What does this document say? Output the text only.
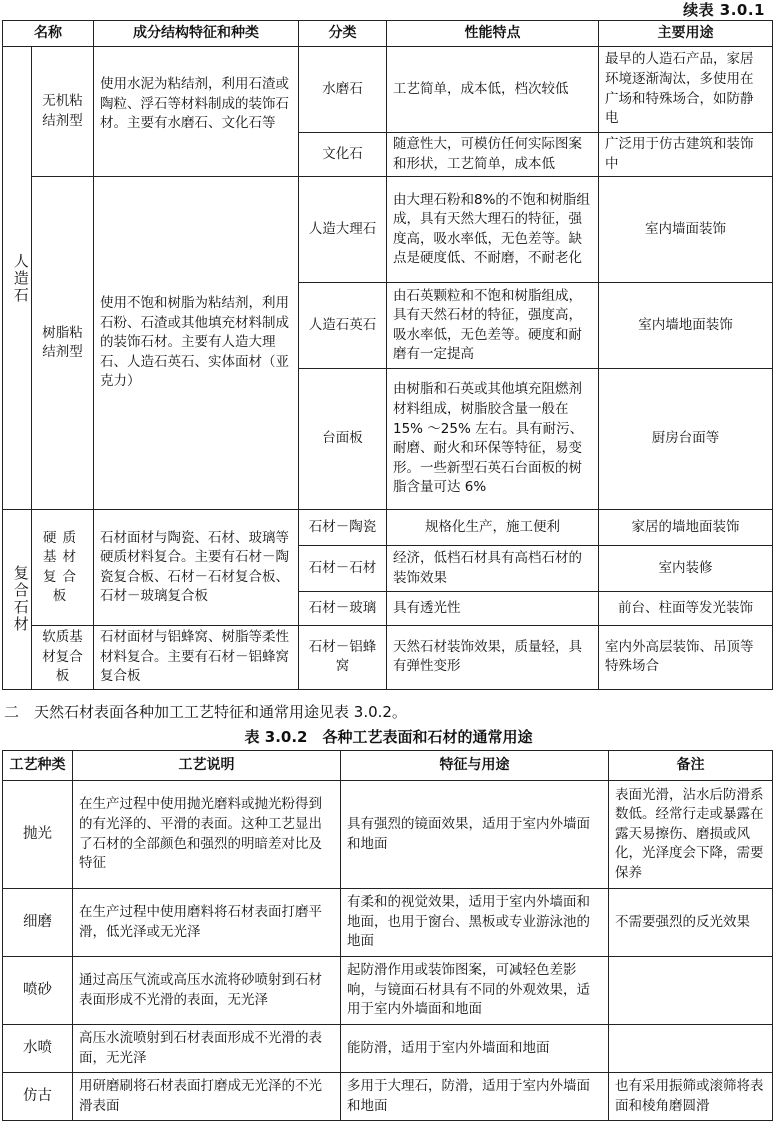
续表 3.0.1
名称		成分结构特征和种类	分类	性能特点	主要用途

人造石	无机粘结剂型	使用水泥为粘结剂，利用石渣或陶粒、浮石等材料制成的装饰石材。主要有水磨石、文化石等	水磨石	工艺简单，成本低，档次较低	最早的人造石产品，家居环境逐渐淘汰，多使用在广场和特殊场合，如防静电
			文化石	随意性大，可模仿任何实际图案和形状，工艺简单，成本低	广泛用于仿古建筑和装饰中
	树脂粘结剂型	使用不饱和树脂为粘结剂，利用石粉、石渣或其他填充材料制成的装饰石材。主要有人造大理石、人造石英石、实体面材（亚克力）	人造大理石	由大理石粉和8%的不饱和树脂组成，具有天然大理石的特征，强度高，吸水率低，无色差等。缺点是硬度低、不耐磨，不耐老化	室内墙面装饰
			人造石英石	由石英颗粒和不饱和树脂组成，具有天然石材的特征，强度高，吸水率低，无色差等。硬度和耐磨有一定提高	室内墙地面装饰
			台面板	由树脂和石英或其他填充阻燃剂材料组成，树脂胶含量一般在 15% ～25% 左右。具有耐污、耐磨、耐火和环保等特征，易变形。一些新型石英石台面板的树脂含量可达 6%	厨房台面等

复合石材	硬质基材复合板	石材面材与陶瓷、石材、玻璃等硬质材料复合。主要有石材－陶瓷复合板、石材－石材复合板、石材－玻璃复合板	石材－陶瓷	规格化生产，施工便利	家居的墙地面装饰
			石材－石材	经济，低档石材具有高档石材的装饰效果	室内装修
			石材－玻璃	具有透光性	前台、柱面等发光装饰
	软质基材复合板	石材面材与铝蜂窝、树脂等柔性材料复合。主要有石材－铝蜂窝复合板	石材－铝蜂窝	天然石材装饰效果，质量轻，具有弹性变形	室内外高层装饰、吊顶等特殊场合
二　天然石材表面各种加工工艺特征和通常用途见表 3.0.2。
表 3.0.2　各种工艺表面和石材的通常用途
工艺种类	工艺说明	特征与用途	备注
抛光	在生产过程中使用抛光磨料或抛光粉得到的有光泽的、平滑的表面。这种工艺显出了石材的全部颜色和强烈的明暗差对比及特征	具有强烈的镜面效果，适用于室内外墙面和地面	表面光滑，沾水后防滑系数低。经常行走或暴露在露天易擦伤、磨损或风化，光泽度会下降，需要保养
细磨	在生产过程中使用磨料将石材表面打磨平滑，低光泽或无光泽	有柔和的视觉效果，适用于室内外墙面和地面，也用于窗台、黑板或专业游泳池的地面	不需要强烈的反光效果
喷砂	通过高压气流或高压水流将砂喷射到石材表面形成不光滑的表面，无光泽	起防滑作用或装饰图案，可减轻色差影响，与镜面石材具有不同的外观效果，适用于室内外墙面和地面	
水喷	高压水流喷射到石材表面形成不光滑的表面，无光泽	能防滑，适用于室内外墙面和地面	
仿古	用研磨刷将石材表面打磨成无光泽的不光滑表面	多用于大理石，防滑，适用于室内外墙面和地面	也有采用振筛或滚筛将表面和棱角磨圆滑
